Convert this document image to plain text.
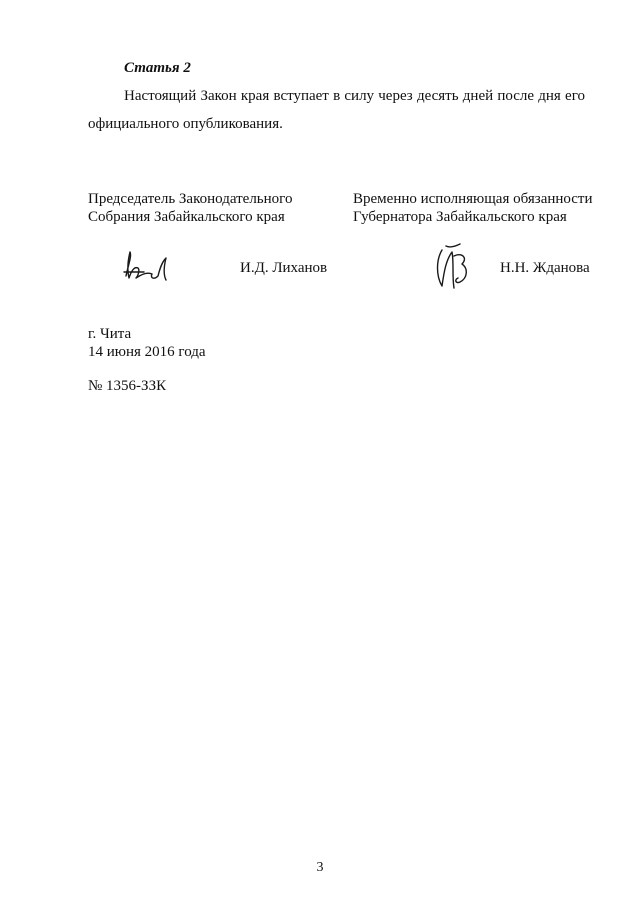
Статья 2
Настоящий Закон края вступает в силу через десять дней после дня его
официального опубликования.
Председатель Законодательного
Собрания Забайкальского края
Временно исполняющая обязанности
Губернатора Забайкальского края
И.Д. Лиханов	Н.Н. Жданова
г. Чита
14 июня 2016 года
№ 1356-ЗЗК
3
